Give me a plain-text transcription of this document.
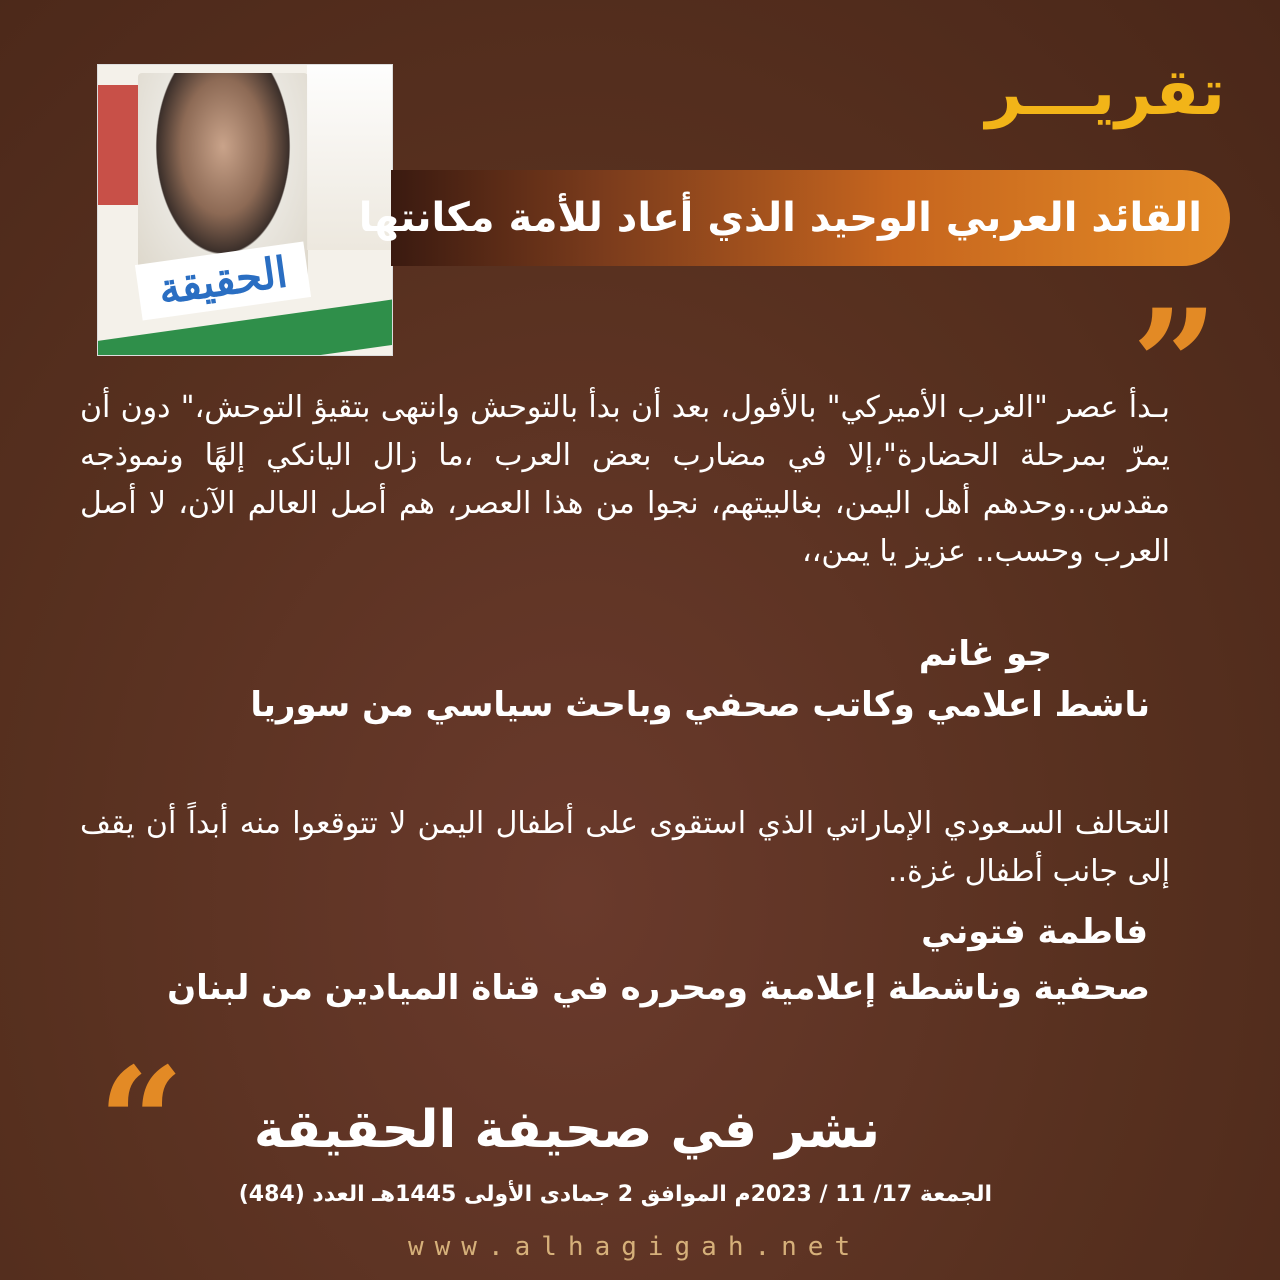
الحقيقة
تقريـــر
القائد العربي الوحيد الذي أعاد للأمة مكانتها
”
بـدأ عصر "الغرب الأميركي" بالأفول، بعد أن بدأ بالتوحش وانتهى بتقيؤ التوحش،" دون أن يمرّ بمرحلة الحضارة"،إلا في مضارب بعض العرب ،ما زال اليانكي إلهًا ونموذجه مقدس..وحدهم أهل اليمن، بغالبيتهم، نجوا من هذا العصر، هم أصل العالم الآن، لا أصل العرب وحسب.. عزيز يا يمن،،
جو غانم
ناشط اعلامي وكاتب صحفي وباحث سياسي من سوريا
التحالف السـعودي الإماراتي الذي استقوى على أطفال اليمن لا تتوقعوا منه أبداً أن يقف إلى جانب أطفال غزة..
فاطمة فتوني
صحفية وناشطة إعلامية ومحرره في قناة الميادين من لبنان
“ نشر في صحيفة الحقيقة
الجمعة 17/ 11 / 2023م الموافق 2 جمادى الأولى 1445هـ العدد (484)
www.alhagigah.net
